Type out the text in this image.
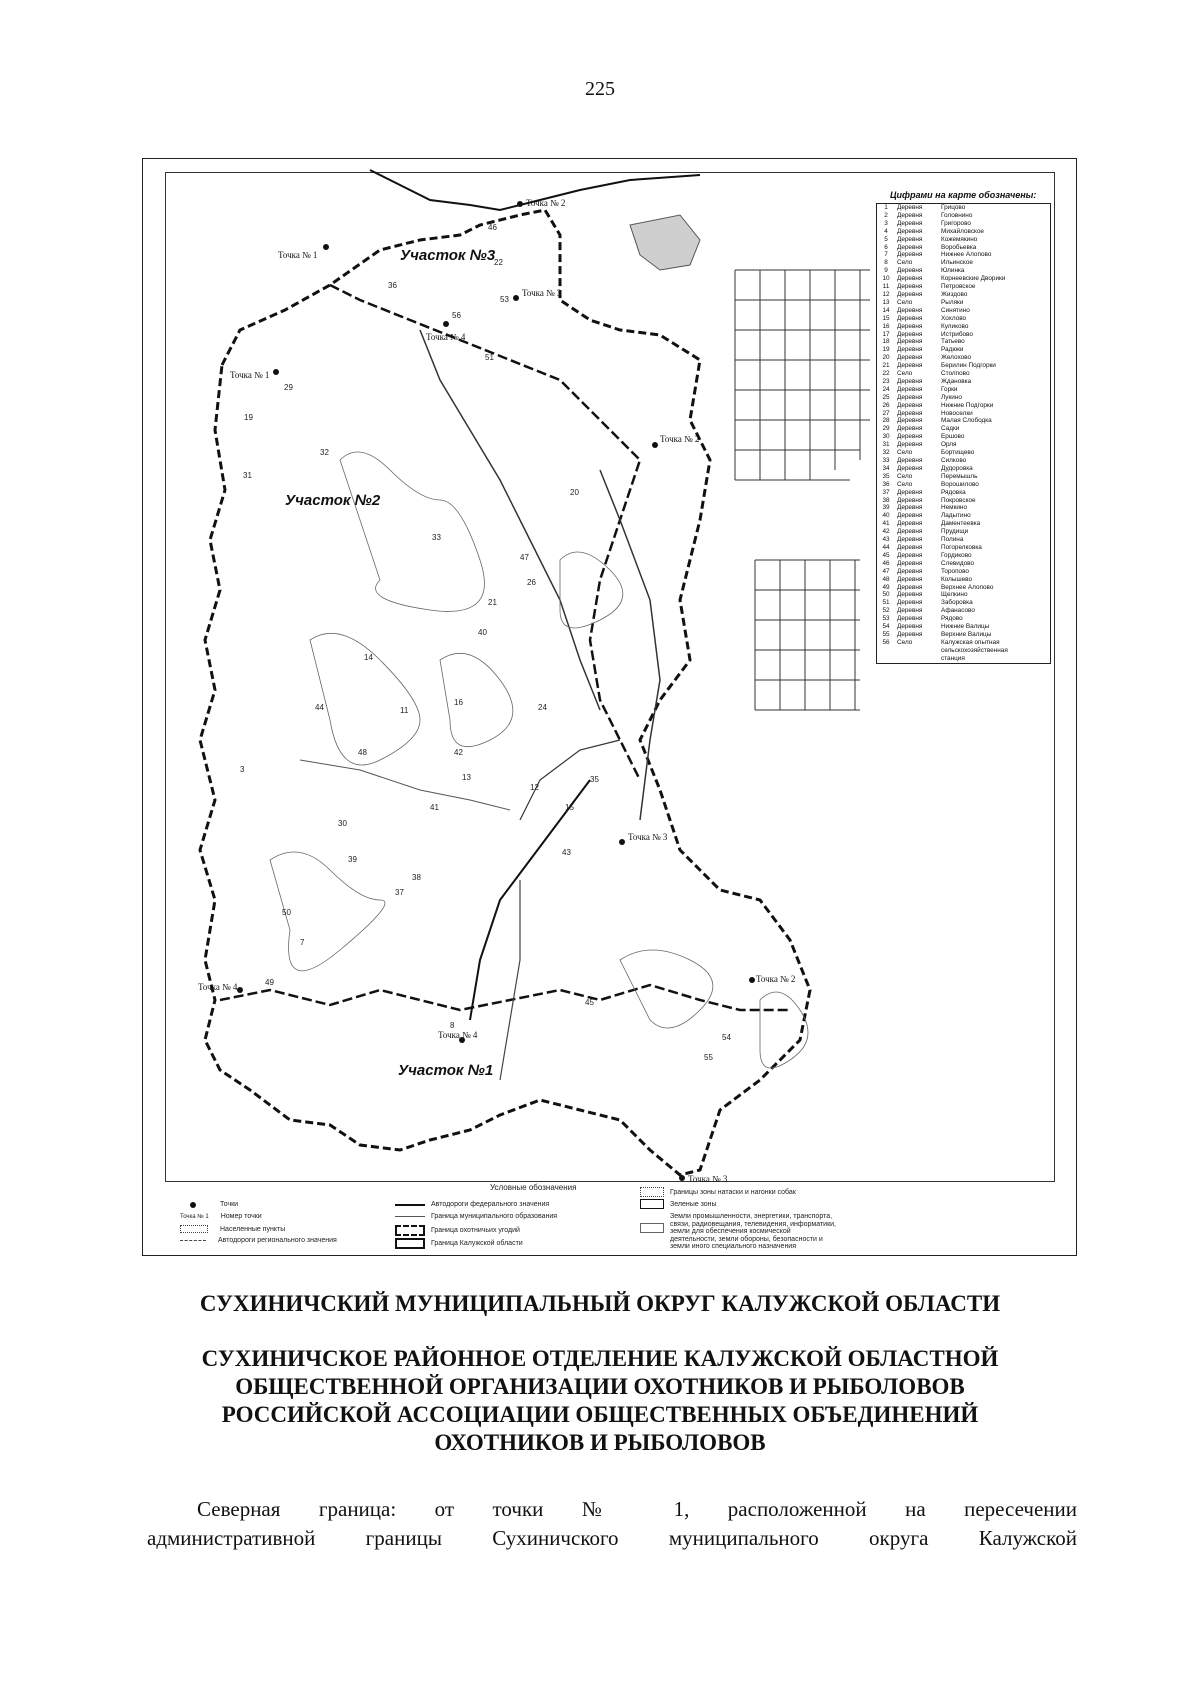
225
Участок №3
Участок №2
Участок №1
Точка № 2
Точка № 1
Точка № 3
Точка № 4
Точка № 1
Точка № 2
Точка № 3
Точка № 2
Точка № 4
Точка № 4
Точка № 3
46
22
53
36
56
51
29
19
32
31
20
33
47
26
21
40
14
16
24
44	11
48	42
3
13
12
35
15
43
38
39
37
50
7
49
8
45
54
55
30
41
Цифрами на карте обозначены:
1	Деревня	Грицово
2	Деревня	Головнино
3	Деревня	Григорово
4	Деревня	Михайловское
5	Деревня	Кожемякино
6	Деревня	Воробьевка
7	Деревня	Нижнее Алопово
8	Село	Ильинское
9	Деревня	Юлинка
10	Деревня	Корнеевские Дворики
11	Деревня	Петровское
12	Деревня	Жиздово
13	Село	Рыляки
14	Деревня	Синятино
15	Деревня	Хохлово
16	Деревня	Куликово
17	Деревня	Истрибово
18	Деревня	Татьево
19	Деревня	Радюки
20	Деревня	Желохово
21	Деревня	Берилин Подгорки
22	Село	Столпово
23	Деревня	Ждановка
24	Деревня	Горки
25	Деревня	Лукино
26	Деревня	Нижние Подгорки
27	Деревня	Новоселки
28	Деревня	Малая Слободка
29	Деревня	Садки
30	Деревня	Ершово
31	Деревня	Орля
32	Село	Бортищево
33	Деревня	Силково
34	Деревня	Дудоровка
35	Село	Перемышль
36	Село	Ворошилово
37	Деревня	Рядовка
38	Деревня	Покровское
39	Деревня	Немкино
40	Деревня	Ладытино
41	Деревня	Даментеевка
42	Деревня	Прудищи
43	Деревня	Полина
44	Деревня	Погорелковка
45	Деревня	Гордиково
46	Деревня	Слевидово
47	Деревня	Торопово
48	Деревня	Колышево
49	Деревня	Верхнее Алопово
50	Деревня	Щелкино
51	Деревня	Заборовка
52	Деревня	Афанасово
53	Деревня	Рядово
54	Деревня	Нижние Валицы
55	Деревня	Верхние Валицы
56	Село	Калужская опытная
сельскохозяйственная
станция
Условные обозначения
Точки
Точка № 1 Номер точки
Населенные пункты
Автодороги регионального значения
Автодороги федерального значения
Граница муниципального образования
Граница охотничьих угодий
Граница Калужской области
Границы зоны натаски и нагонки собак
Зеленые зоны
Земли промышленности, энергетики, транспорта,
связи, радиовещания, телевидения, информатики,
земли для обеспечения космической
деятельности, земли обороны, безопасности и
земли иного специального назначения
СУХИНИЧСКИЙ МУНИЦИПАЛЬНЫЙ ОКРУГ КАЛУЖСКОЙ ОБЛАСТИ
СУХИНИЧСКОЕ РАЙОННОЕ ОТДЕЛЕНИЕ КАЛУЖСКОЙ ОБЛАСТНОЙ
ОБЩЕСТВЕННОЙ ОРГАНИЗАЦИИ ОХОТНИКОВ И РЫБОЛОВОВ
РОССИЙСКОЙ АССОЦИАЦИИ ОБЩЕСТВЕННЫХ ОБЪЕДИНЕНИЙ
ОХОТНИКОВ И РЫБОЛОВОВ
Северная граница: от точки № 1, расположенной на пересечении
административной границы Сухиничского муниципального округа Калужской
